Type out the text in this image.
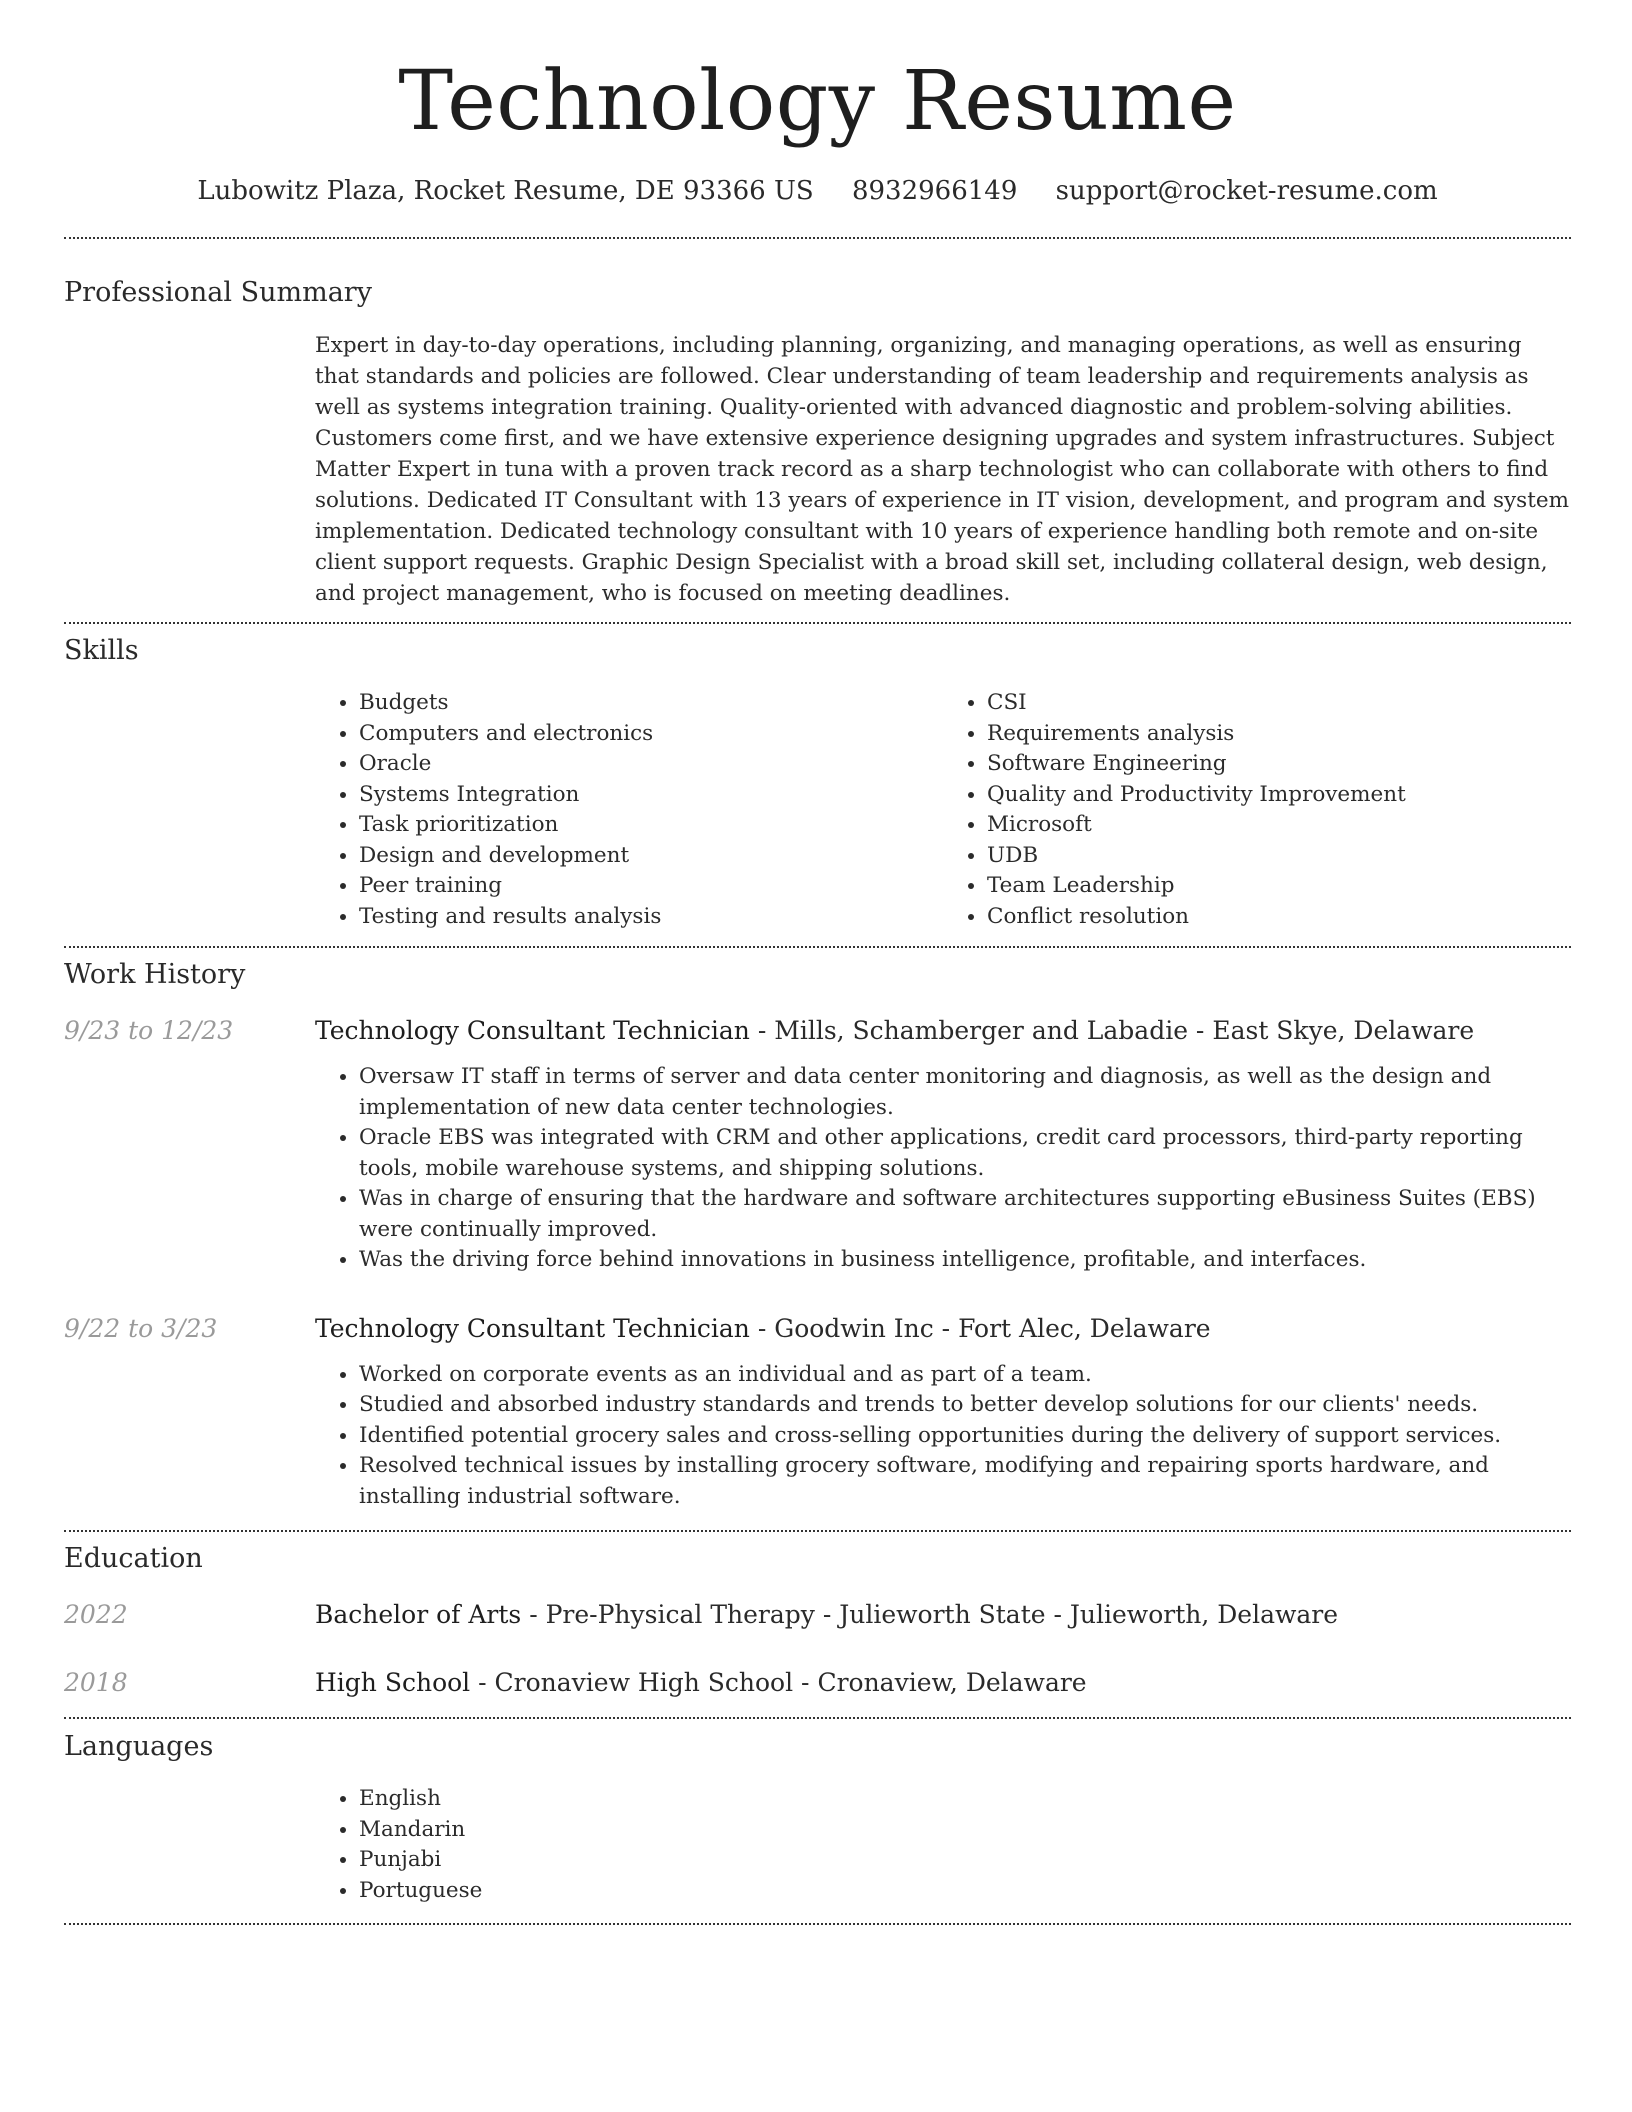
Technology Resume
Lubowitz Plaza, Rocket Resume, DE 93366 US 8932966149 support@rocket-resume.com
Professional Summary

Expert in day-to-day operations, including planning, organizing, and managing operations, as well as ensuring that standards and policies are followed. Clear understanding of team leadership and requirements analysis as well as systems integration training. Quality-oriented with advanced diagnostic and problem-solving abilities. Customers come first, and we have extensive experience designing upgrades and system infrastructures. Subject Matter Expert in tuna with a proven track record as a sharp technologist who can collaborate with others to find solutions. Dedicated IT Consultant with 13 years of experience in IT vision, development, and program and system implementation. Dedicated technology consultant with 10 years of experience handling both remote and on-site client support requests. Graphic Design Specialist with a broad skill set, including collateral design, web design, and project management, who is focused on meeting deadlines.

Skills
• Budgets
• Computers and electronics
• Oracle
• Systems Integration
• Task prioritization
• Design and development
• Peer training
• Testing and results analysis
• CSI
• Requirements analysis
• Software Engineering
• Quality and Productivity Improvement
• Microsoft
• UDB
• Team Leadership
• Conflict resolution
Work History
9/23 to 12/23	Technology Consultant Technician - Mills, Schamberger and Labadie - East Skye, Delaware
• Oversaw IT staff in terms of server and data center monitoring and diagnosis, as well as the design and implementation of new data center technologies.
• Oracle EBS was integrated with CRM and other applications, credit card processors, third-party reporting tools, mobile warehouse systems, and shipping solutions.
• Was in charge of ensuring that the hardware and software architectures supporting eBusiness Suites (EBS) were continually improved.
• Was the driving force behind innovations in business intelligence, profitable, and interfaces.
9/22 to 3/23	Technology Consultant Technician - Goodwin Inc - Fort Alec, Delaware
• Worked on corporate events as an individual and as part of a team.
• Studied and absorbed industry standards and trends to better develop solutions for our clients' needs.
• Identified potential grocery sales and cross-selling opportunities during the delivery of support services.
• Resolved technical issues by installing grocery software, modifying and repairing sports hardware, and installing industrial software.
Education
2022	Bachelor of Arts - Pre-Physical Therapy - Julieworth State - Julieworth, Delaware
2018	High School - Cronaview High School - Cronaview, Delaware
Languages
• English
• Mandarin
• Punjabi
• Portuguese
